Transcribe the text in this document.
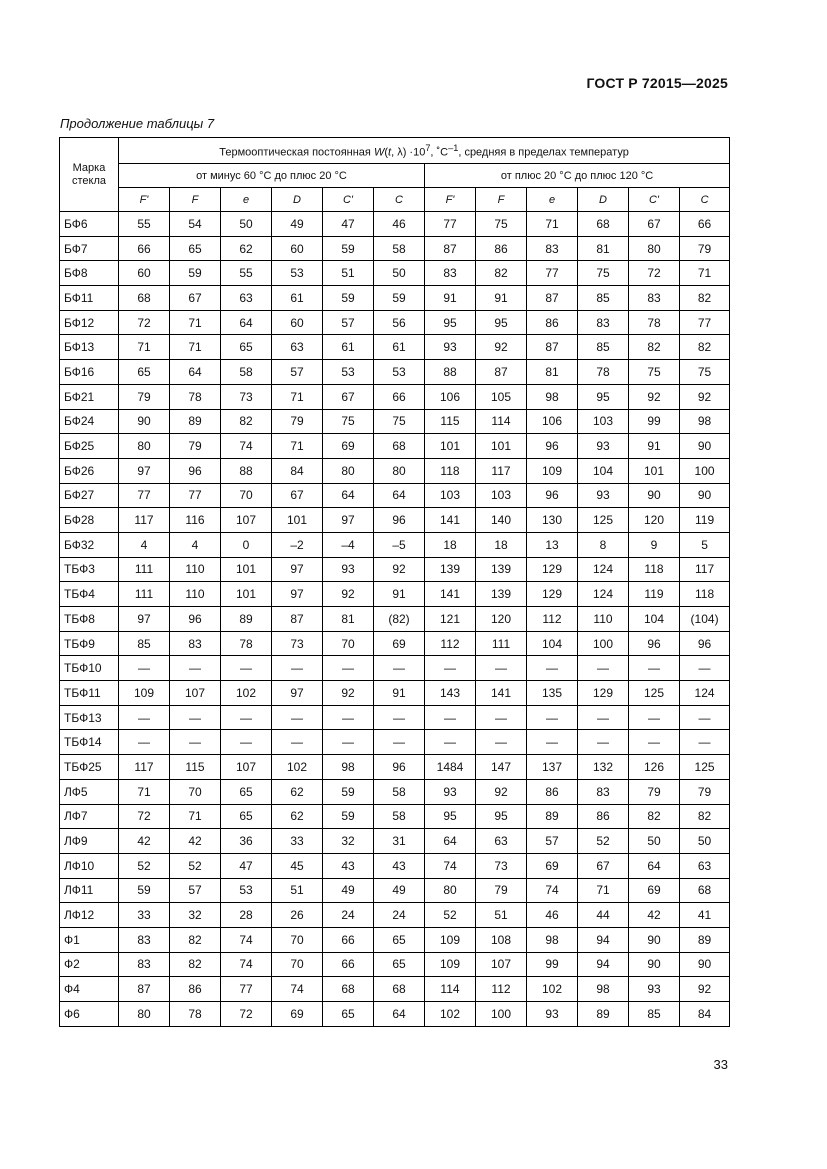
ГОСТ Р 72015—2025
Продолжение таблицы 7
Марка стекла	Термооптическая постоянная W(t, $\lambda) \cdot 10^7$, $˚С^{-1}$, средняя в пределах температур											
	от минус 60 °С до плюс 20 °С						от плюс 20 °С до плюс 120 °С					
	F'	F	e	D	C'	C	F'	F	e	D	C'	C
БФ6	55	54	50	49	47	46	77	75	71	68	67	66
БФ7	66	65	62	60	59	58	87	86	83	81	80	79
БФ8	60	59	55	53	51	50	83	82	77	75	72	71
БФ11	68	67	63	61	59	59	91	91	87	85	83	82
БФ12	72	71	64	60	57	56	95	95	86	83	78	77
БФ13	71	71	65	63	61	61	93	92	87	85	82	82
БФ16	65	64	58	57	53	53	88	87	81	78	75	75
БФ21	79	78	73	71	67	66	106	105	98	95	92	92
БФ24	90	89	82	79	75	75	115	114	106	103	99	98
БФ25	80	79	74	71	69	68	101	101	96	93	91	90
БФ26	97	96	88	84	80	80	118	117	109	104	101	100
БФ27	77	77	70	67	64	64	103	103	96	93	90	90
БФ28	117	116	107	101	97	96	141	140	130	125	120	119
БФ32	4	4	0	–2	–4	–5	18	18	13	8	9	5
ТБФ3	111	110	101	97	93	92	139	139	129	124	118	117
ТБФ4	111	110	101	97	92	91	141	139	129	124	119	118
ТБФ8	97	96	89	87	81	(82)	121	120	112	110	104	(104)
ТБФ9	85	83	78	73	70	69	112	111	104	100	96	96
ТБФ10	—	—	—	—	—	—	—	—	—	—	—	—
ТБФ11	109	107	102	97	92	91	143	141	135	129	125	124
ТБФ13	—	—	—	—	—	—	—	—	—	—	—	—
ТБФ14	—	—	—	—	—	—	—	—	—	—	—	—
ТБФ25	117	115	107	102	98	96	1484	147	137	132	126	125
ЛФ5	71	70	65	62	59	58	93	92	86	83	79	79
ЛФ7	72	71	65	62	59	58	95	95	89	86	82	82
ЛФ9	42	42	36	33	32	31	64	63	57	52	50	50
ЛФ10	52	52	47	45	43	43	74	73	69	67	64	63
ЛФ11	59	57	53	51	49	49	80	79	74	71	69	68
ЛФ12	33	32	28	26	24	24	52	51	46	44	42	41
Ф1	83	82	74	70	66	65	109	108	98	94	90	89
Ф2	83	82	74	70	66	65	109	107	99	94	90	90
Ф4	87	86	77	74	68	68	114	112	102	98	93	92
Ф6	80	78	72	69	65	64	102	100	93	89	85	84
33
